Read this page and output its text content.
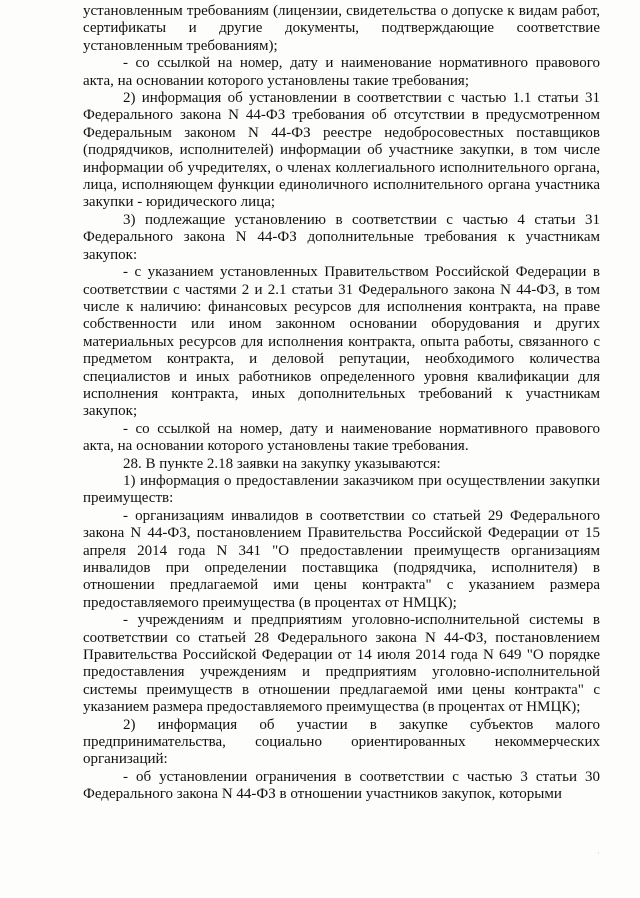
установленным требованиям (лицензии, свидетельства о допуске к видам работ, сертификаты и другие документы, подтверждающие соответствие установленным требованиям);

- со ссылкой на номер, дату и наименование нормативного правового акта, на основании которого установлены такие требования;

2) информация об установлении в соответствии с частью 1.1 статьи 31 Федерального закона N 44-ФЗ требования об отсутствии в предусмотренном Федеральным законом N 44-ФЗ реестре недобросовестных поставщиков (подрядчиков, исполнителей) информации об участнике закупки, в том числе информации об учредителях, о членах коллегиального исполнительного органа, лица, исполняющем функции единоличного исполнительного органа участника закупки - юридического лица;

3) подлежащие установлению в соответствии с частью 4 статьи 31 Федерального закона N 44-ФЗ дополнительные требования к участникам закупок:

- с указанием установленных Правительством Российской Федерации в соответствии с частями 2 и 2.1 статьи 31 Федерального закона N 44-ФЗ, в том числе к наличию: финансовых ресурсов для исполнения контракта, на праве собственности или ином законном основании оборудования и других материальных ресурсов для исполнения контракта, опыта работы, связанного с предметом контракта, и деловой репутации, необходимого количества специалистов и иных работников определенного уровня квалификации для исполнения контракта, иных дополнительных требований к участникам закупок;

- со ссылкой на номер, дату и наименование нормативного правового акта, на основании которого установлены такие требования.

28. В пункте 2.18 заявки на закупку указываются:

1) информация о предоставлении заказчиком при осуществлении закупки преимуществ:

- организациям инвалидов в соответствии со статьей 29 Федерального закона N 44-ФЗ, постановлением Правительства Российской Федерации от 15 апреля 2014 года N 341 "О предоставлении преимуществ организациям инвалидов при определении поставщика (подрядчика, исполнителя) в отношении предлагаемой ими цены контракта" с указанием размера предоставляемого преимущества (в процентах от НМЦК);

- учреждениям и предприятиям уголовно-исполнительной системы в соответствии со статьей 28 Федерального закона N 44-ФЗ, постановлением Правительства Российской Федерации от 14 июля 2014 года N 649 "О порядке предоставления учреждениям и предприятиям уголовно-исполнительной системы преимуществ в отношении предлагаемой ими цены контракта" с указанием размера предоставляемого преимущества (в процентах от НМЦК);

2) информация об участии в закупке субъектов малого предпринимательства, социально ориентированных некоммерческих организаций:

- об установлении ограничения в соответствии с частью 3 статьи 30 Федерального закона N 44-ФЗ в отношении участников закупок, которыми

·
